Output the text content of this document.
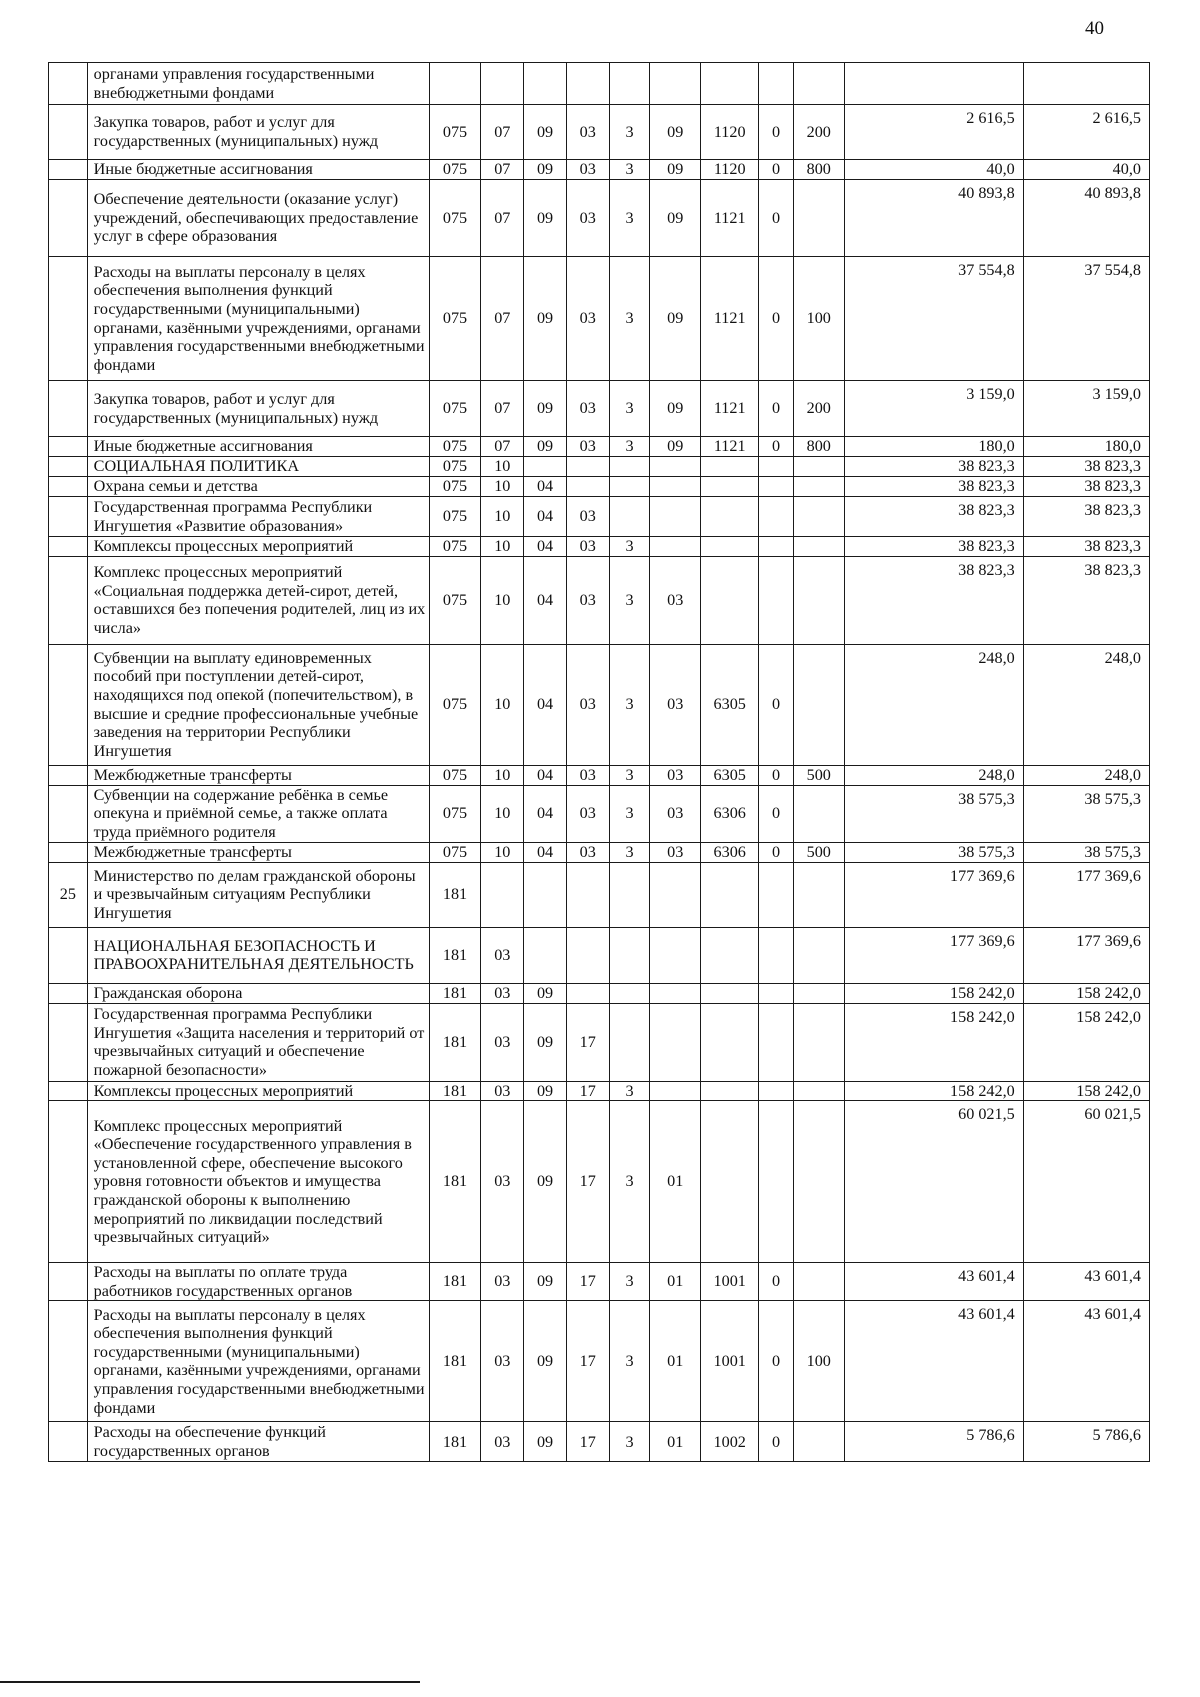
40
	органами управления государственными внебюджетными фондами											
	Закупка товаров, работ и услуг для государственных (муниципальных) нужд	075	07	09	03	3	09	1120	0	200	2 616,5	2 616,5
	Иные бюджетные ассигнования	075	07	09	03	3	09	1120	0	800	40,0	40,0
	Обеспечение деятельности (оказание услуг) учреждений, обеспечивающих предоставление услуг в сфере образования	075	07	09	03	3	09	1121	0		40 893,8	40 893,8
	Расходы на выплаты персоналу в целях обеспечения выполнения функций государственными (муниципальными) органами, казёнными учреждениями, органами управления государственными внебюджетными фондами	075	07	09	03	3	09	1121	0	100	37 554,8	37 554,8
	Закупка товаров, работ и услуг для государственных (муниципальных) нужд	075	07	09	03	3	09	1121	0	200	3 159,0	3 159,0
	Иные бюджетные ассигнования	075	07	09	03	3	09	1121	0	800	180,0	180,0
	СОЦИАЛЬНАЯ ПОЛИТИКА	075	10								38 823,3	38 823,3
	Охрана семьи и детства	075	10	04							38 823,3	38 823,3
	Государственная программа Республики Ингушетия «Развитие образования»	075	10	04	03						38 823,3	38 823,3
	Комплексы процессных мероприятий	075	10	04	03	3					38 823,3	38 823,3
	Комплекс процессных мероприятий «Социальная поддержка детей-сирот, детей, оставшихся без попечения родителей, лиц из их числа»	075	10	04	03	3	03				38 823,3	38 823,3
	Субвенции на выплату единовременных пособий при поступлении детей-сирот, находящихся под опекой (попечительством), в высшие и средние профессиональные учебные заведения на территории Республики Ингушетия	075	10	04	03	3	03	6305	0		248,0	248,0
	Межбюджетные трансферты	075	10	04	03	3	03	6305	0	500	248,0	248,0
	Субвенции на содержание ребёнка в семье опекуна и приёмной семье, а также оплата труда приёмного родителя	075	10	04	03	3	03	6306	0		38 575,3	38 575,3
	Межбюджетные трансферты	075	10	04	03	3	03	6306	0	500	38 575,3	38 575,3
25	Министерство по делам гражданской обороны и чрезвычайным ситуациям Республики Ингушетия	181									177 369,6	177 369,6
	НАЦИОНАЛЬНАЯ БЕЗОПАСНОСТЬ И ПРАВООХРАНИТЕЛЬНАЯ ДЕЯТЕЛЬНОСТЬ	181	03								177 369,6	177 369,6
	Гражданская оборона	181	03	09							158 242,0	158 242,0
	Государственная программа Республики Ингушетия «Защита населения и территорий от чрезвычайных ситуаций и обеспечение пожарной безопасности»	181	03	09	17						158 242,0	158 242,0
	Комплексы процессных мероприятий	181	03	09	17	3					158 242,0	158 242,0
	Комплекс процессных мероприятий «Обеспечение государственного управления в установленной сфере, обеспечение высокого уровня готовности объектов и имущества гражданской обороны к выполнению мероприятий по ликвидации последствий чрезвычайных ситуаций»	181	03	09	17	3	01				60 021,5	60 021,5
	Расходы на выплаты по оплате труда работников государственных органов	181	03	09	17	3	01	1001	0		43 601,4	43 601,4
	Расходы на выплаты персоналу в целях обеспечения выполнения функций государственными (муниципальными) органами, казёнными учреждениями, органами управления государственными внебюджетными фондами	181	03	09	17	3	01	1001	0	100	43 601,4	43 601,4
	Расходы на обеспечение функций государственных органов	181	03	09	17	3	01	1002	0		5 786,6	5 786,6
